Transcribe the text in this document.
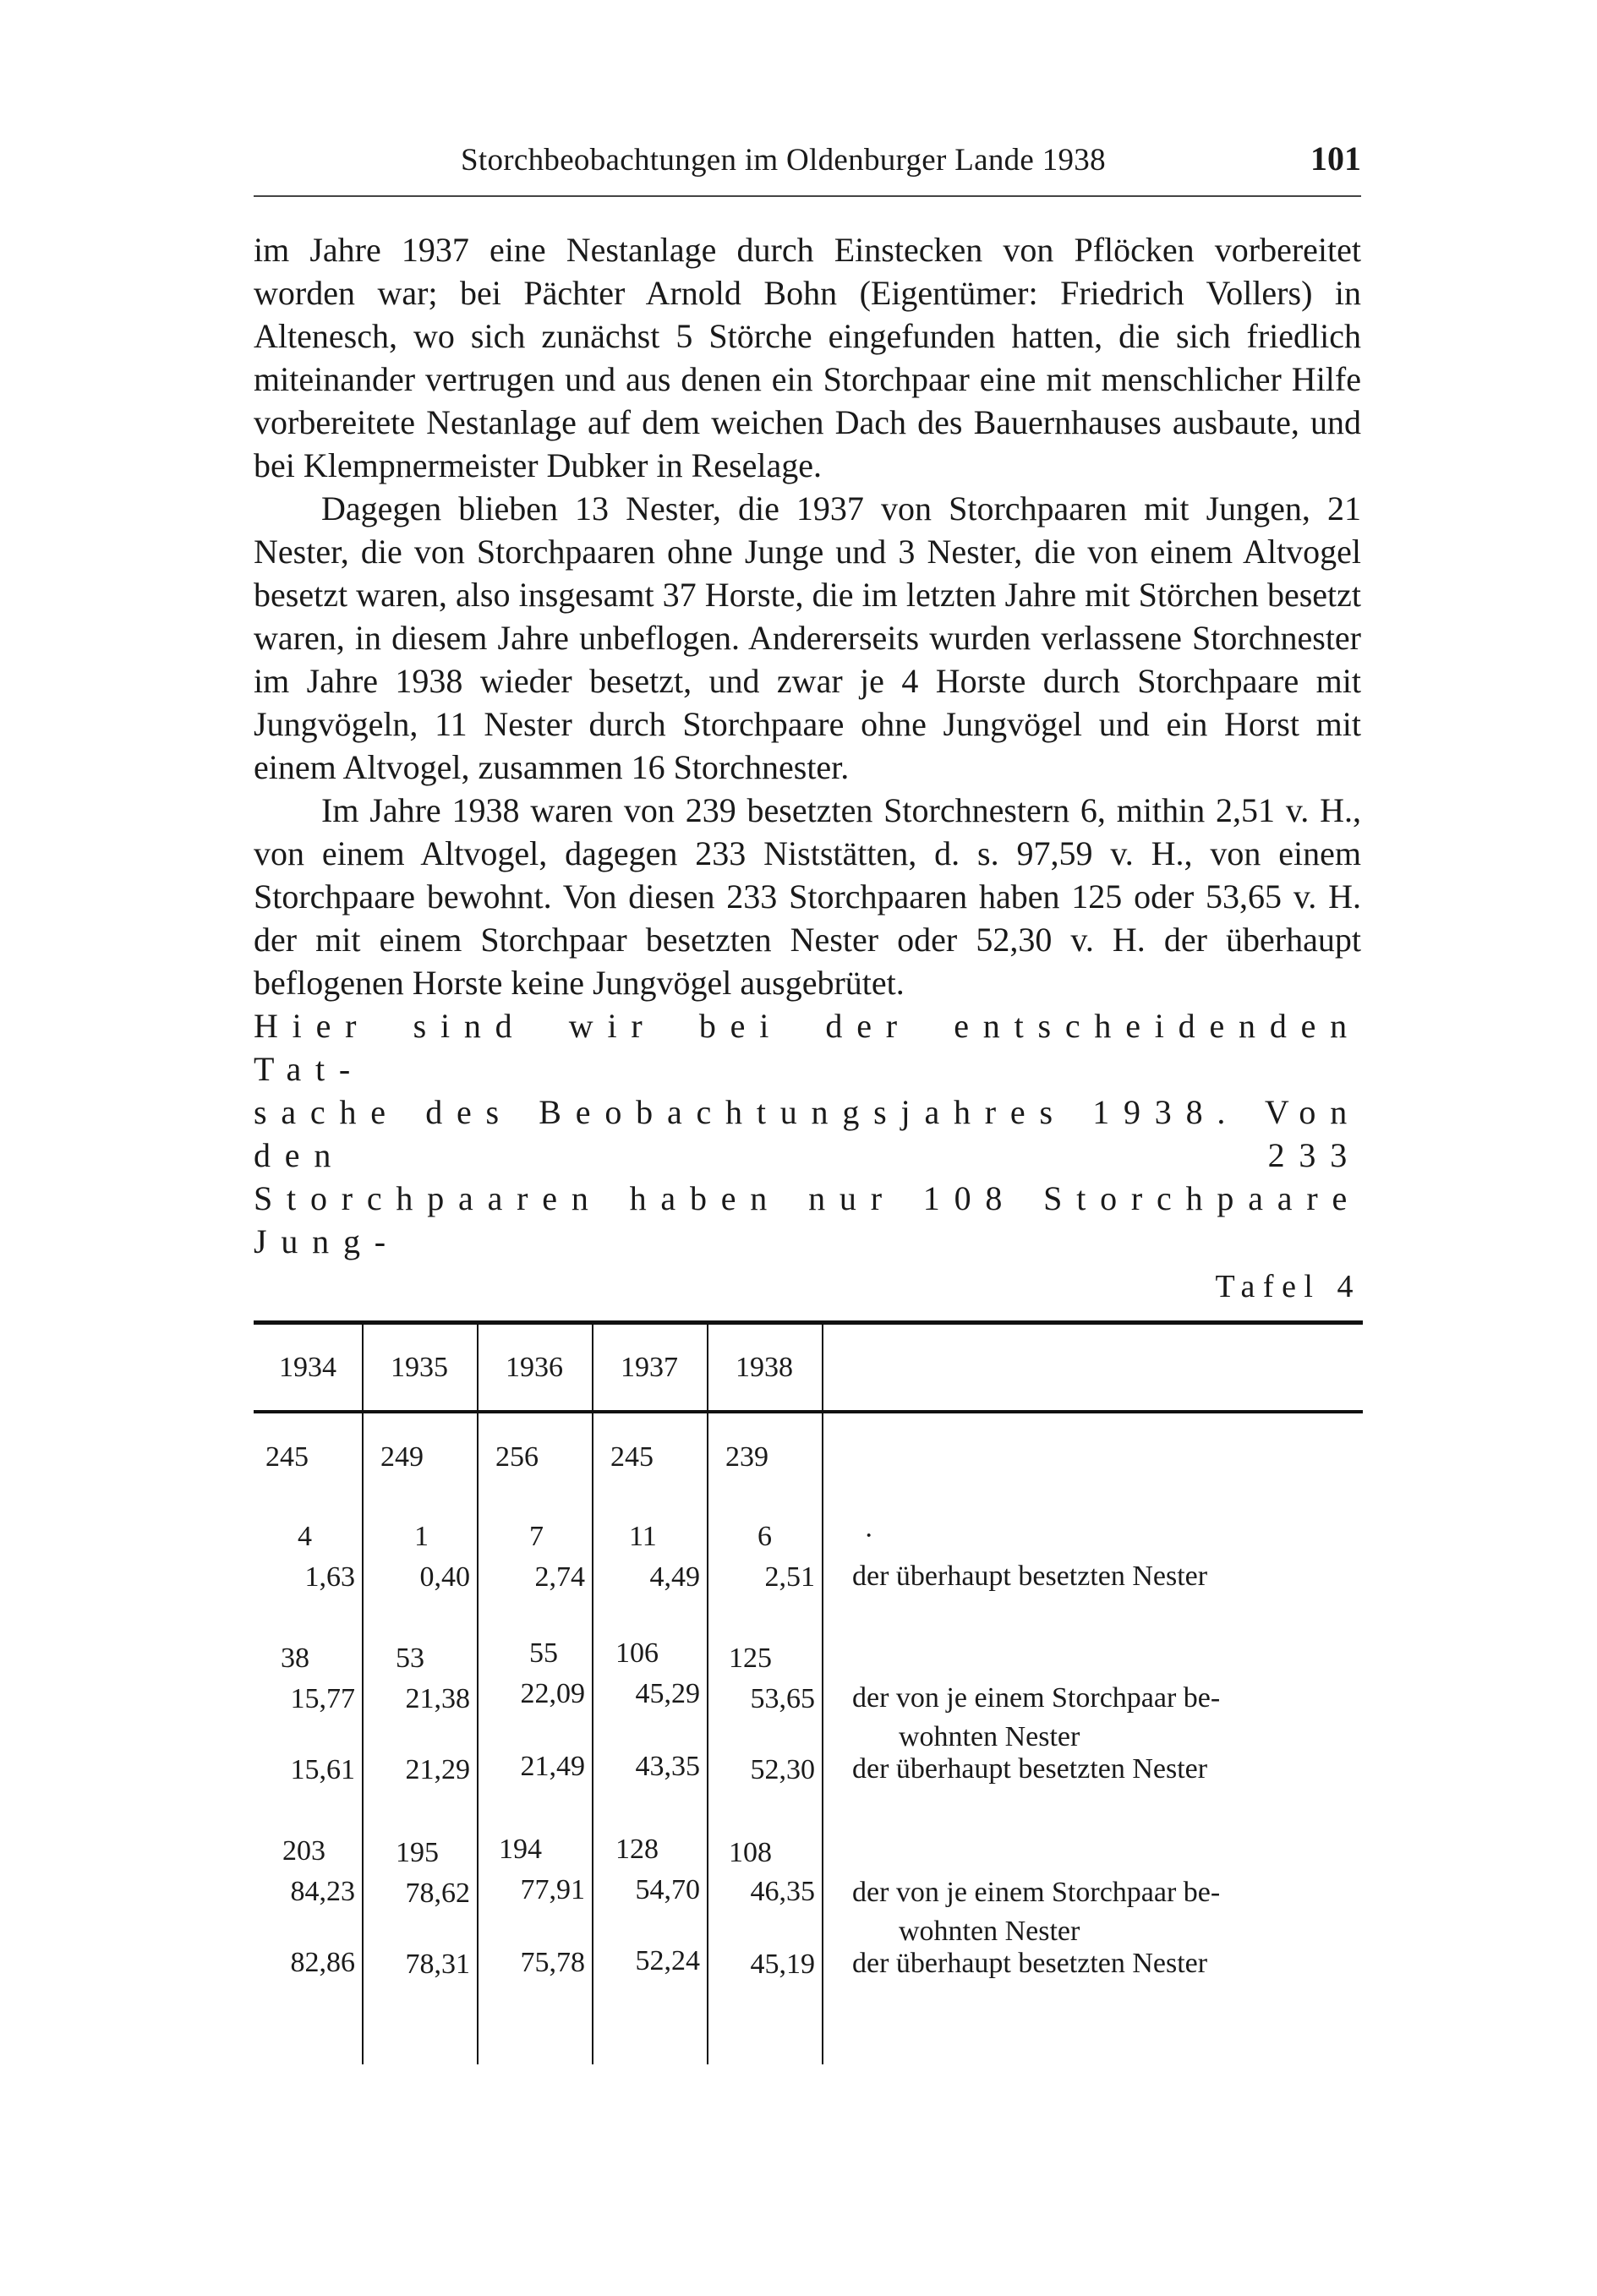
Storchbeobachtungen im Oldenburger Lande 1938	101

im Jahre 1937 eine Nestanlage durch Einstecken von Pflöcken vorbereitet worden war; bei Pächter Arnold Bohn (Eigentümer: Friedrich Vollers) in Altenesch, wo sich zunächst 5 Störche eingefunden hatten, die sich friedlich miteinander vertrugen und aus denen ein Storchpaar eine mit menschlicher Hilfe vorbereitete Nestanlage auf dem weichen Dach des Bauernhauses ausbaute, und bei Klempnermeister Dubker in Reselage.

Dagegen blieben 13 Nester, die 1937 von Storchpaaren mit Jungen, 21 Nester, die von Storchpaaren ohne Junge und 3 Nester, die von einem Altvogel besetzt waren, also insgesamt 37 Horste, die im letzten Jahre mit Störchen besetzt waren, in diesem Jahre unbeflogen. Andererseits wurden verlassene Storchnester im Jahre 1938 wieder besetzt, und zwar je 4 Horste durch Storchpaare mit Jungvögeln, 11 Nester durch Storchpaare ohne Jungvögel und ein Horst mit einem Altvogel, zusammen 16 Storchnester.

Im Jahre 1938 waren von 239 besetzten Storchnestern 6, mithin 2,51 v. H., von einem Altvogel, dagegen 233 Niststätten, d. s. 97,59 v. H., von einem Storchpaare bewohnt. Von diesen 233 Storchpaaren haben 125 oder 53,65 v. H. der mit einem Storchpaar besetzten Nester oder 52,30 v. H. der überhaupt beflogenen Horste keine Jungvögel ausgebrütet.

Hier sind wir bei der entscheidenden Tat-

sache des Beobachtungsjahres 1938. Von den 233

Storchpaaren haben nur 108 Storchpaare Jung-

Tafel 4
1934	1935	1936	1937	1938
245	249	256	245	239
4	1	7	11	6	·
1,63 0,40 2,74 4,49 2,51 der überhaupt besetzten Nester
38	53	55 106 125
15,77 21,38 22,09 45,29 53,65 der von je einem Storchpaar be-
wohnten Nester
15,61 21,29 21,49 43,35 52,30 der überhaupt besetzten Nester
203 195 194	128 108
84,23 78,62 77,91 54,70 46,35 der von je einem Storchpaar be-
wohnten Nester
82,86 78,31 75,78 52,24 45,19 der überhaupt besetzten Nester
